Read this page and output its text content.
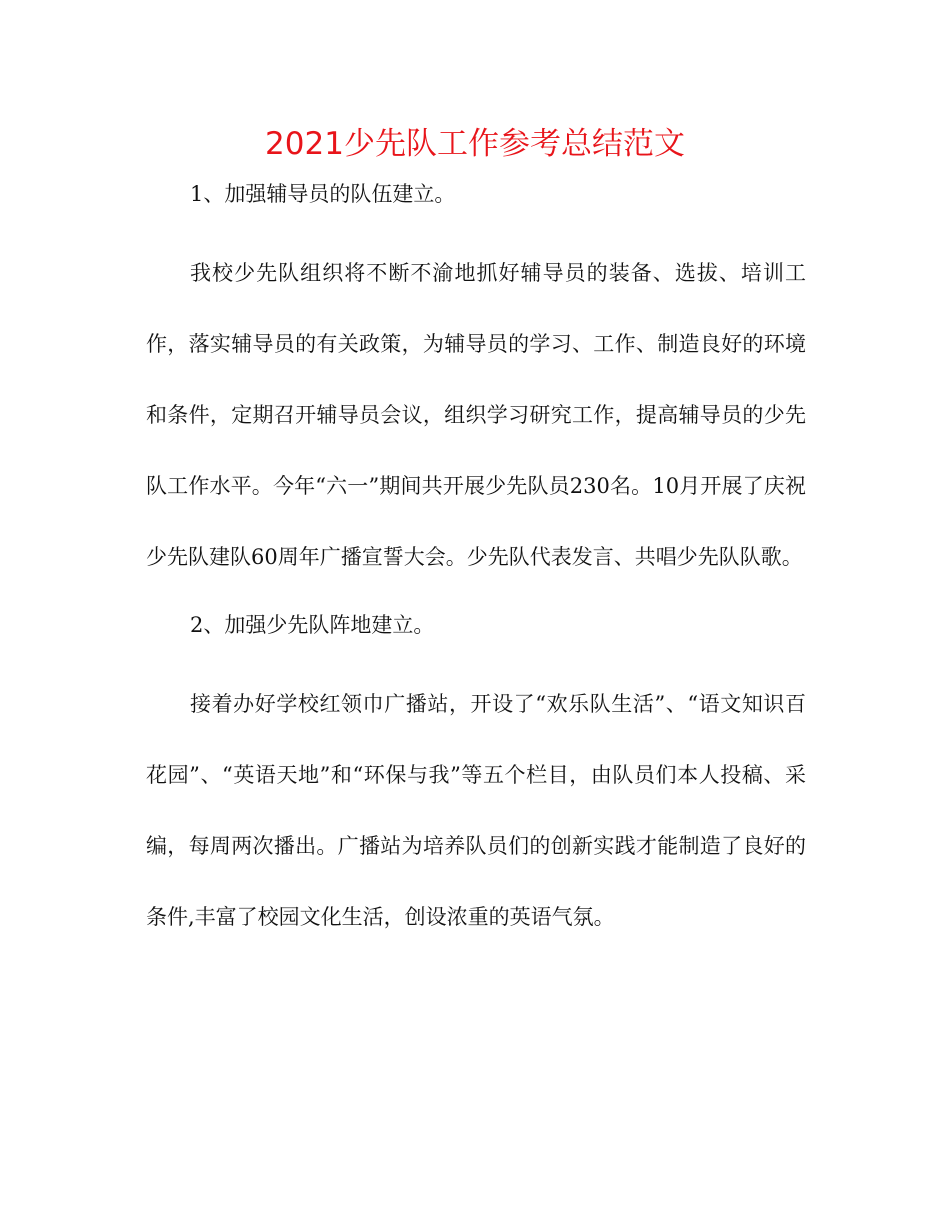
2021少先队工作参考总结范文

1、加强辅导员的队伍建立。

我校少先队组织将不断不渝地抓好辅导员的装备、选拔、培训工作，落实辅导员的有关政策，为辅导员的学习、工作、制造良好的环境和条件，定期召开辅导员会议，组织学习研究工作，提高辅导员的少先队工作水平。今年“六一”期间共开展少先队员230名。10月开展了庆祝少先队建队60周年广播宣誓大会。少先队代表发言、共唱少先队队歌。

2、加强少先队阵地建立。

接着办好学校红领巾广播站，开设了“欢乐队生活”、“语文知识百花园”、“英语天地”和“环保与我”等五个栏目，由队员们本人投稿、采编，每周两次播出。广播站为培养队员们的创新实践才能制造了良好的条件,丰富了校园文化生活，创设浓重的英语气氛。
